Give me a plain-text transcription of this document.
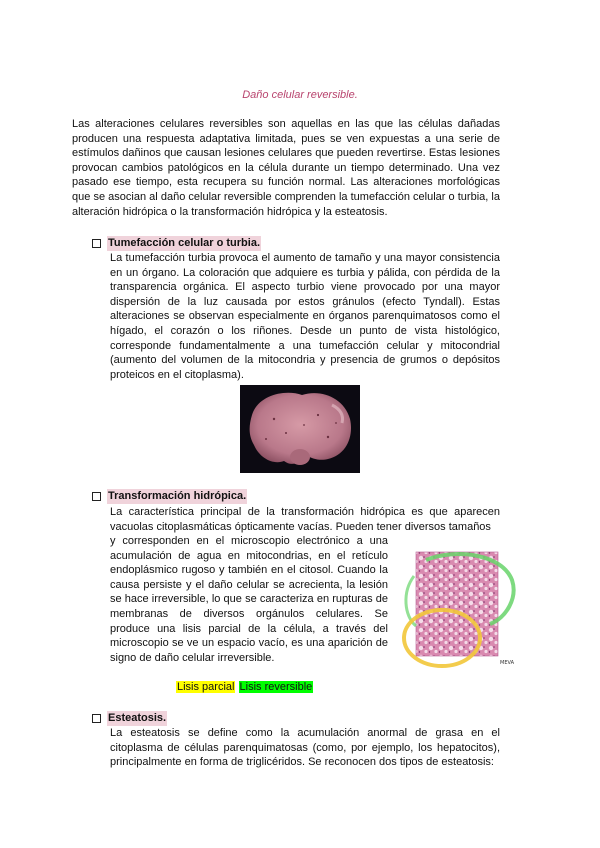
Daño celular reversible.

Las alteraciones celulares reversibles son aquellas en las que las células dañadas producen una respuesta adaptativa limitada, pues se ven expuestas a una serie de estímulos dañinos que causan lesiones celulares que pueden revertirse. Estas lesiones provocan cambios patológicos en la célula durante un tiempo determinado. Una vez pasado ese tiempo, esta recupera su función normal. Las alteraciones morfológicas que se asocian al daño celular reversible comprenden la tumefacción celular o turbia, la alteración hidrópica o la transformación hidrópica y la esteatosis.

Tumefacción celular o turbia.

La tumefacción turbia provoca el aumento de tamaño y una mayor consistencia en un órgano. La coloración que adquiere es turbia y pálida, con pérdida de la transparencia orgánica. El aspecto turbio viene provocado por una mayor dispersión de la luz causada por estos gránulos (efecto Tyndall). Estas alteraciones se observan especialmente en órganos parenquimatosos como el hígado, el corazón o los riñones. Desde un punto de vista histológico, corresponde fundamentalmente a una tumefacción celular y mitocondrial (aumento del volumen de la mitocondria y presencia de grumos o depósitos proteicos en el citoplasma).

Transformación hidrópica.

La característica principal de la transformación hidrópica es que aparecen vacuolas citoplasmáticas ópticamente vacías. Pueden tener diversos tamaños

y corresponden en el microscopio electrónico a una acumulación de agua en mitocondrias, en el retículo endoplásmico rugoso y también en el citosol. Cuando la causa persiste y el daño celular se acrecienta, la lesión se hace irreversible, lo que se caracteriza en rupturas de membranas de diversos orgánulos celulares. Se produce una lisis parcial de la célula, a través del microscopio se ve un espacio vacío, es una aparición de signo de daño celular irreversible.	MEVA
Lisis parcial Lisis reversible
Esteatosis.

La esteatosis se define como la acumulación anormal de grasa en el citoplasma de células parenquimatosas (como, por ejemplo, los hepatocitos), principalmente en forma de triglicéridos. Se reconocen dos tipos de esteatosis:
